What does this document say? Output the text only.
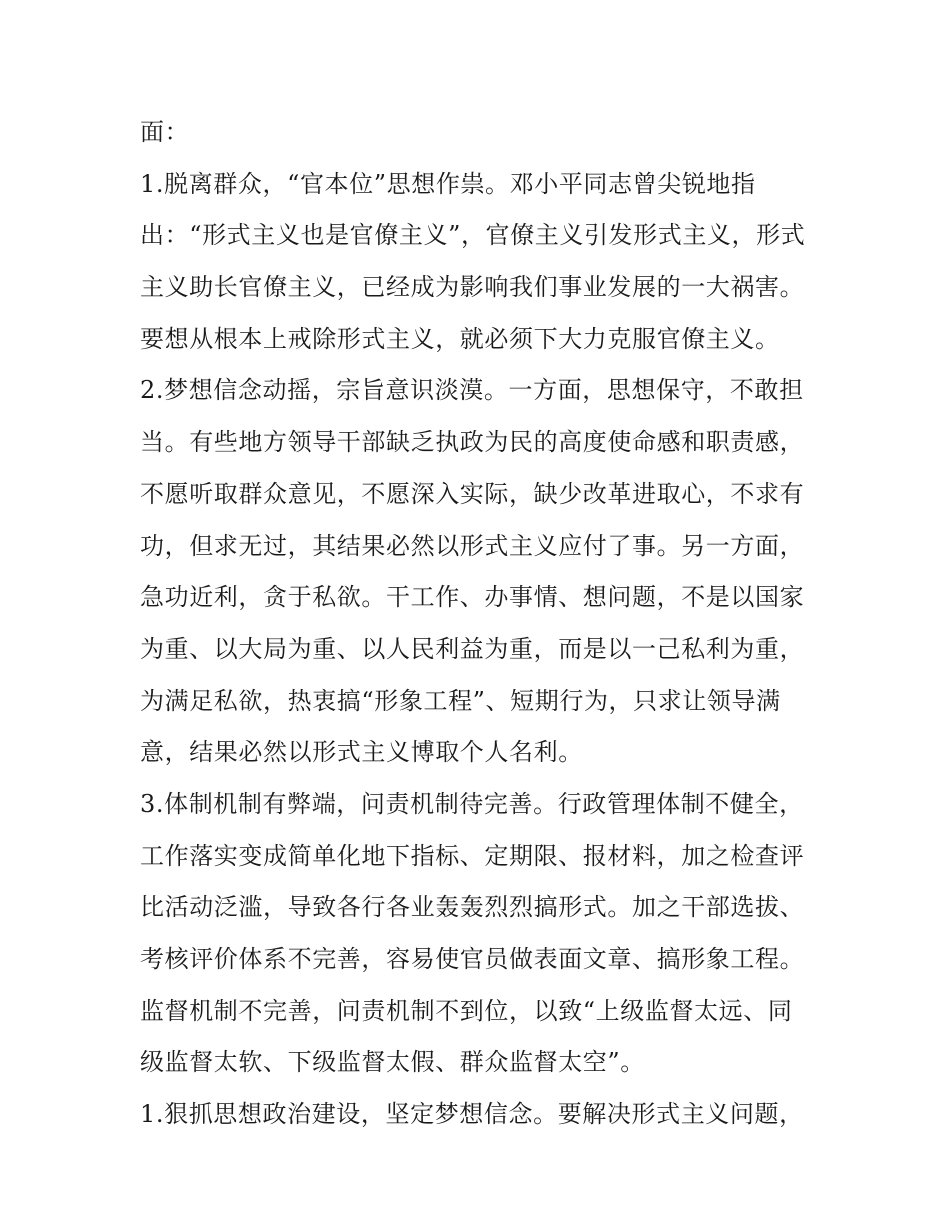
面：
1.脱离群众，“官本位”思想作祟。邓小平同志曾尖锐地指
出：“形式主义也是官僚主义”，官僚主义引发形式主义，形式
主义助长官僚主义，已经成为影响我们事业发展的一大祸害。
要想从根本上戒除形式主义，就必须下大力克服官僚主义。
2.梦想信念动摇，宗旨意识淡漠。一方面，思想保守，不敢担
当。有些地方领导干部缺乏执政为民的高度使命感和职责感，
不愿听取群众意见，不愿深入实际，缺少改革进取心，不求有
功，但求无过，其结果必然以形式主义应付了事。另一方面，
急功近利，贪于私欲。干工作、办事情、想问题，不是以国家
为重、以大局为重、以人民利益为重，而是以一己私利为重，
为满足私欲，热衷搞“形象工程”、短期行为，只求让领导满
意，结果必然以形式主义博取个人名利。
3.体制机制有弊端，问责机制待完善。行政管理体制不健全，
工作落实变成简单化地下指标、定期限、报材料，加之检查评
比活动泛滥，导致各行各业轰轰烈烈搞形式。加之干部选拔、
考核评价体系不完善，容易使官员做表面文章、搞形象工程。
监督机制不完善，问责机制不到位，以致“上级监督太远、同
级监督太软、下级监督太假、群众监督太空”。
1.狠抓思想政治建设，坚定梦想信念。要解决形式主义问题，
